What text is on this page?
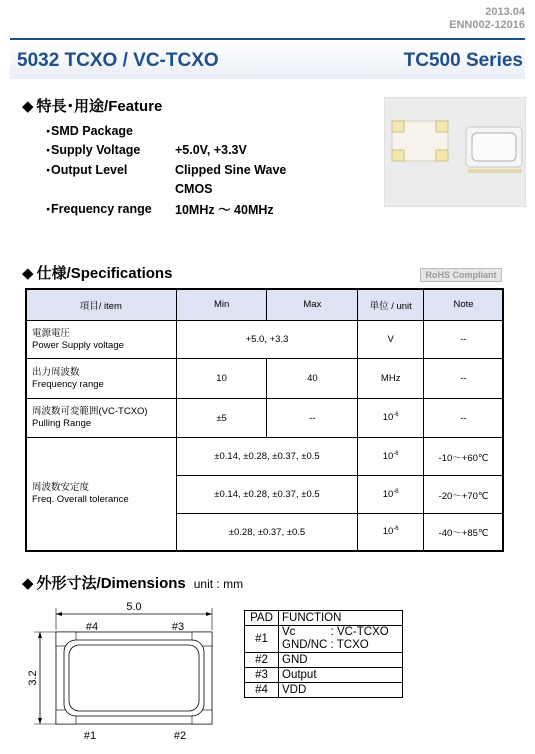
2013.04
ENN002-12016
5032 TCXO / VC-TCXO	TC500 Series
◆ 特長･用途/Feature
･ SMD Package
･ Supply Voltage	+5.0V, +3.3V
･ Output Level	Clipped Sine Wave
CMOS
･ Frequency range	10MHz ～ 40MHz
◆ 仕様/Specifications	RoHS Compliant
項目/ item	Min	Max	単位 / unit	Note

電源電圧
Power Supply voltage	+5.0, +3.3		V	--

出力周波数
Frequency range	10	40	MHz	--

周波数可変範囲(VC-TCXO)
Pulling Range	±5	--	$10^{-6}$	--

周波数安定度
Freq. Overall tolerance	±0.14, ±0.28, ±0.37, ±0.5		$10^{-6}$	-10～+60℃
	±0.14, ±0.28, ±0.37, ±0.5		$10^{-6}$	-20～+70℃
	±0.28, ±0.37, ±0.5		$10^{-6}$	-40～+85℃
◆ 外形寸法/Dimensions unit : mm
5.0
3.2
#4	#3
#1	#2
PAD	FUNCTION
#1	Vc           : VC-TCXO
GND/NC : TCXO

#2	GND
#3	Output
#4	VDD
